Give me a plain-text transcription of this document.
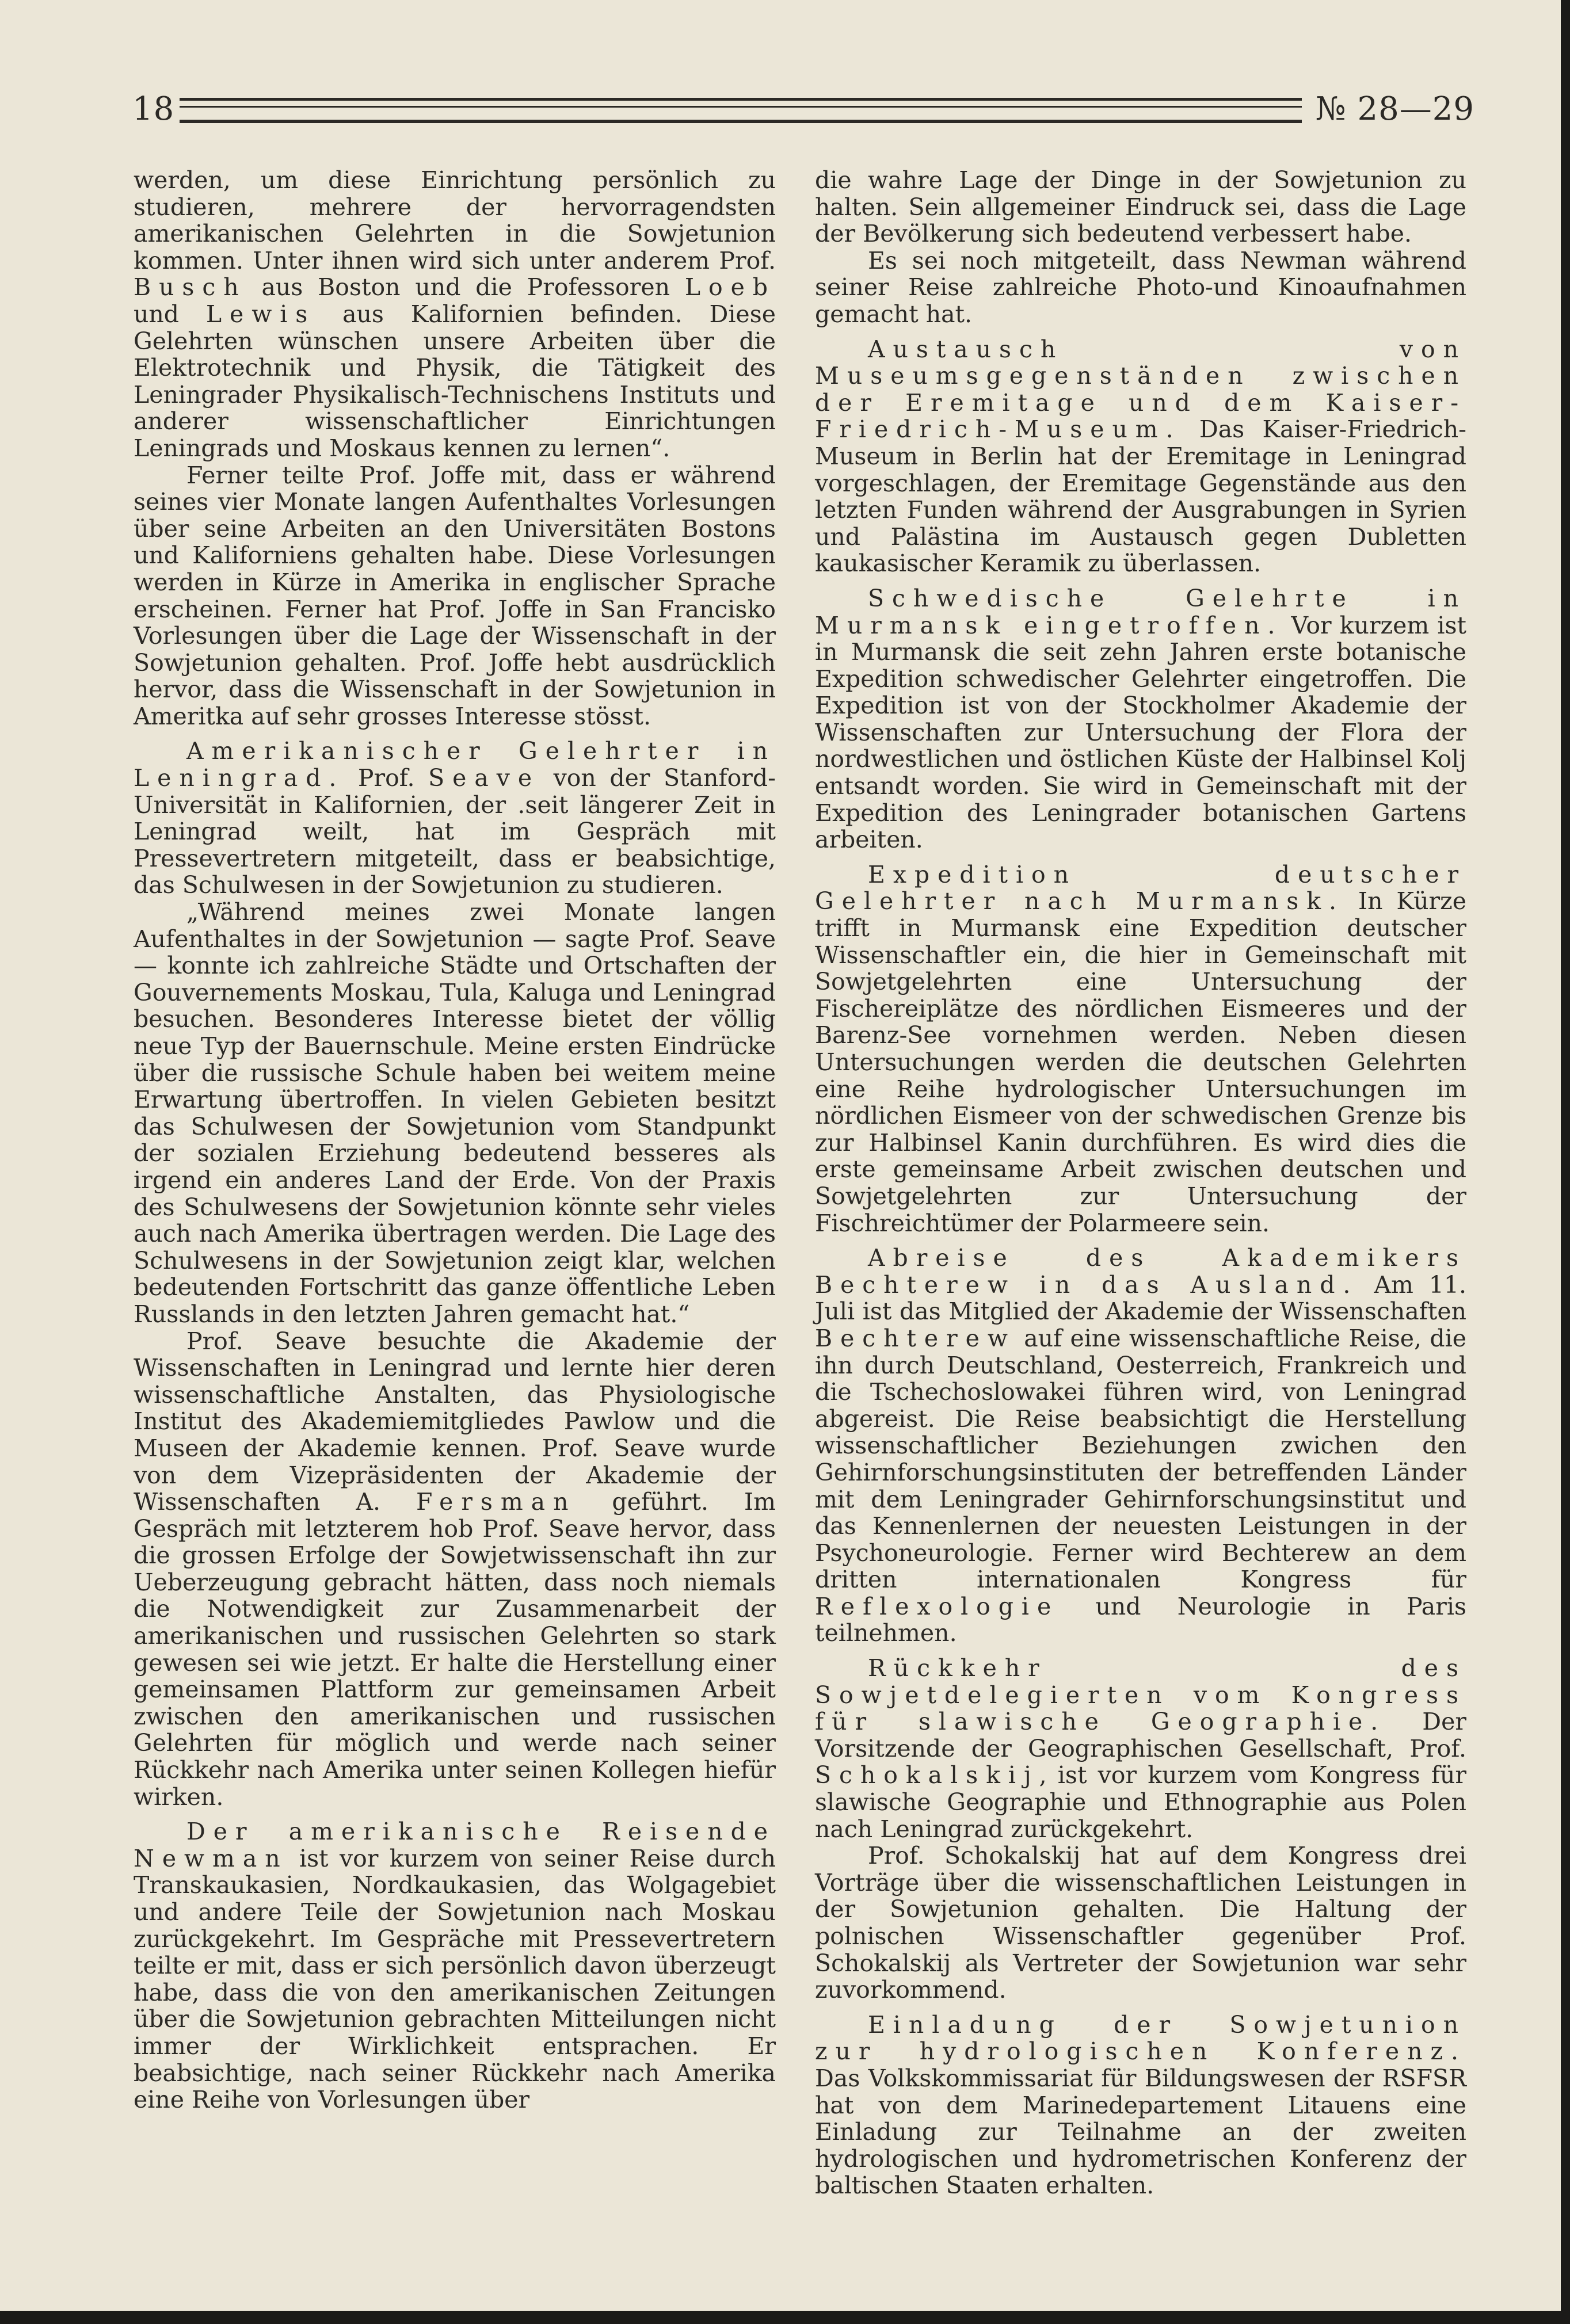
18	№ 28—29

werden, um diese Einrichtung persönlich zu studieren, mehrere der hervorragendsten amerikanischen Gelehrten in die Sowjetunion kommen. Unter ihnen wird sich unter anderem Prof. Busch aus Boston und die Professoren Loeb und Lewis aus Kalifornien befinden. Diese Gelehrten wünschen unsere Arbeiten über die Elektrotechnik und Physik, die Tätigkeit des Leningrader Physikalisch-Technischens Instituts und anderer wissenschaftlicher Einrichtungen Leningrads und Moskaus kennen zu lernen“.

Ferner teilte Prof. Joffe mit, dass er während seines vier Monate langen Aufenthaltes Vorlesungen über seine Arbeiten an den Universitäten Bostons und Kaliforniens gehalten habe. Diese Vorlesungen werden in Kürze in Amerika in englischer Sprache erscheinen. Ferner hat Prof. Joffe in San Francisko Vorlesungen über die Lage der Wissenschaft in der Sowjetunion gehalten. Prof. Joffe hebt ausdrücklich hervor, dass die Wissenschaft in der Sowjetunion in Ameritka auf sehr grosses Interesse stösst.

Amerikanischer Gelehrter in Leningrad. Prof. Seave von der Stanford-Universität in Kalifornien, der .seit längerer Zeit in Leningrad weilt, hat im Gespräch mit Pressevertretern mitgeteilt, dass er beabsichtige, das Schulwesen in der Sowjetunion zu studieren.

„Während meines zwei Monate langen Aufenthaltes in der Sowjetunion — sagte Prof. Seave— konnte ich zahlreiche Städte und Ortschaften der Gouvernements Moskau, Tula, Kaluga und Leningrad besuchen. Besonderes Interesse bietet der völlig neue Typ der Bauernschule. Meine ersten Eindrücke über die russische Schule haben bei weitem meine Erwartung übertroffen. In vielen Gebieten besitzt das Schulwesen der Sowjetunion vom Standpunkt der sozialen Erziehung bedeutend besseres als irgend ein anderes Land der Erde. Von der Praxis des Schulwesens der Sowjetunion könnte sehr vieles auch nach Amerika übertragen werden. Die Lage des Schulwesens in der Sowjetunion zeigt klar, welchen bedeutenden Fortschritt das ganze öffentliche Leben Russlands in den letzten Jahren gemacht hat.“

Prof. Seave besuchte die Akademie der Wissenschaften in Leningrad und lernte hier deren wissenschaftliche Anstalten, das Physiologische Institut des Akademiemitgliedes Pawlow und die Museen der Akademie kennen. Prof. Seave wurde von dem Vizepräsidenten der Akademie der Wissenschaften A. Fersman geführt. Im Gespräch mit letzterem hob Prof. Seave hervor, dass die grossen Erfolge der Sowjetwissenschaft ihn zur Ueberzeugung gebracht hätten, dass noch niemals die Notwendigkeit zur Zusammenarbeit der amerikanischen und russischen Gelehrten so stark gewesen sei wie jetzt. Er halte die Herstellung einer gemeinsamen Plattform zur gemeinsamen Arbeit zwischen den amerikanischen und russischen Gelehrten für möglich und werde nach seiner Rückkehr nach Amerika unter seinen Kollegen hiefür wirken.

Der amerikanische Reisende Newman ist vor kurzem von seiner Reise durch Transkaukasien, Nordkaukasien, das Wolgagebiet und andere Teile der Sowjetunion nach Moskau zurückgekehrt. Im Gespräche mit Pressevertretern teilte er mit, dass er sich persönlich davon überzeugt habe, dass die von den amerikanischen Zeitungen über die Sowjetunion gebrachten Mitteilungen nicht immer der Wirklichkeit entsprachen. Er beabsichtige, nach seiner Rückkehr nach Amerika eine Reihe von Vorlesungen über

die wahre Lage der Dinge in der Sowjetunion zu halten. Sein allgemeiner Eindruck sei, dass die Lage der Bevölkerung sich bedeutend verbessert habe.

Es sei noch mitgeteilt, dass Newman während seiner Reise zahlreiche Photo-und Kinoaufnahmen gemacht hat.

Austausch von Museumsgegenständen zwischen der Eremitage und dem Kaiser-Friedrich-Museum. Das Kaiser-Friedrich-Museum in Berlin hat der Eremitage in Leningrad vorgeschlagen, der Eremitage Gegenstände aus den letzten Funden während der Ausgrabungen in Syrien und Palästina im Austausch gegen Dubletten kaukasischer Keramik zu überlassen.

Schwedische Gelehrte in Murmansk eingetroffen. Vor kurzem ist in Murmansk die seit zehn Jahren erste botanische Expedition schwedischer Gelehrter eingetroffen. Die Expedition ist von der Stockholmer Akademie der Wissenschaften zur Untersuchung der Flora der nordwestlichen und östlichen Küste der Halbinsel Kolj entsandt worden. Sie wird in Gemeinschaft mit der Expedition des Leningrader botanischen Gartens arbeiten.

Expedition deutscher Gelehrter nach Murmansk. In Kürze trifft in Murmansk eine Expedition deutscher Wissenschaftler ein, die hier in Gemeinschaft mit Sowjetgelehrten eine Untersuchung der Fischereiplätze des nördlichen Eismeeres und der Barenz-See vornehmen werden. Neben diesen Untersuchungen werden die deutschen Gelehrten eine Reihe hydrologischer Untersuchungen im nördlichen Eismeer von der schwedischen Grenze bis zur Halbinsel Kanin durchführen. Es wird dies die erste gemeinsame Arbeit zwischen deutschen und Sowjetgelehrten zur Untersuchung der Fischreichtümer der Polarmeere sein.

Abreise des Akademikers Bechterew in das Ausland. Am 11. Juli ist das Mitglied der Akademie der Wissenschaften Bechterew auf eine wissenschaftliche Reise, die ihn durch Deutschland, Oesterreich, Frankreich und die Tschechoslowakei führen wird, von Leningrad abgereist. Die Reise beabsichtigt die Herstellung wissenschaftlicher Beziehungen zwichen den Gehirnforschungsinstituten der betreffenden Länder mit dem Leningrader Gehirnforschungsinstitut und das Kennenlernen der neuesten Leistungen in der Psychoneurologie. Ferner wird Bechterew an dem dritten internationalen Kongress für Reflexologie und Neurologie in Paris teilnehmen.

Rückkehr des Sowjetdelegierten vom Kongress für slawische Geographie. Der Vorsitzende der Geographischen Gesellschaft, Prof. Schokalskij, ist vor kurzem vom Kongress für slawische Geographie und Ethnographie aus Polen nach Leningrad zurückgekehrt.

Prof. Schokalskij hat auf dem Kongress drei Vorträge über die wissenschaftlichen Leistungen in der Sowjetunion gehalten. Die Haltung der polnischen Wissenschaftler gegenüber Prof. Schokalskij als Vertreter der Sowjetunion war sehr zuvorkommend.

Einladung der Sowjetunion zur hydrologischen Konferenz. Das Volkskommissariat für Bildungswesen der RSFSR hat von dem Marinedepartement Litauens eine Einladung zur Teilnahme an der zweiten hydrologischen und hydrometrischen Konferenz der baltischen Staaten erhalten.
